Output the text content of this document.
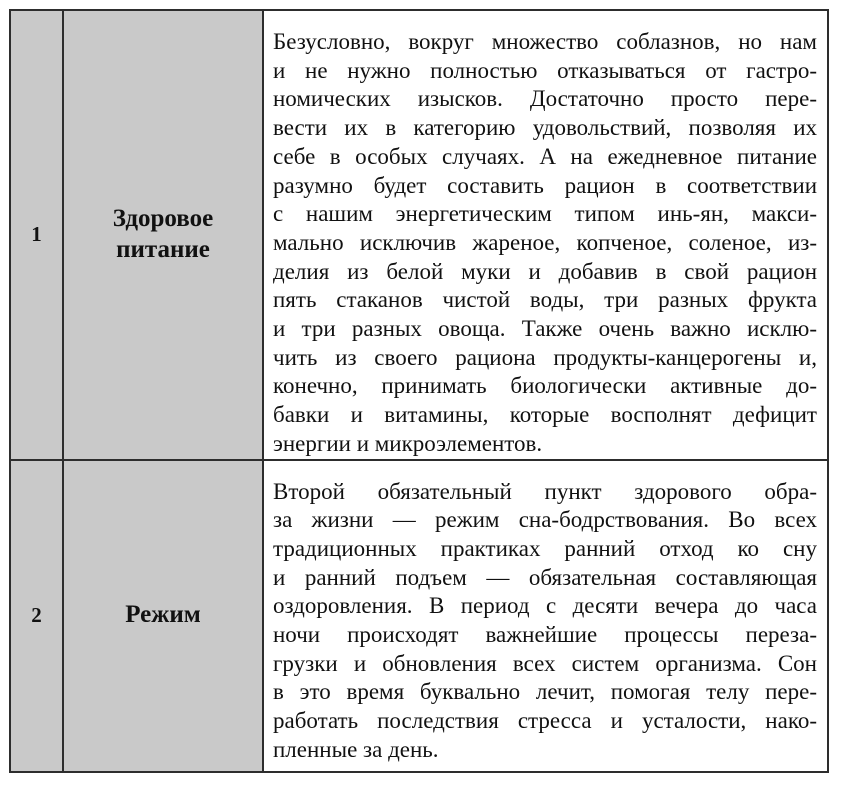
1	Здоровое питание	
Безусловно, вокруг множество соблазнов, но нам
и не нужно полностью отказываться от гастро-
номических изысков. Достаточно просто пере-
вести их в категорию удовольствий, позволяя их
себе в особых случаях. А на ежедневное питание
разумно будет составить рацион в соответствии
с нашим энергетическим типом инь-ян, макси-
мально исключив жареное, копченое, соленое, из-
делия из белой муки и добавив в свой рацион
пять стаканов чистой воды, три разных фрукта
и три разных овоща. Также очень важно исклю-
чить из своего рациона продукты-канцерогены и,
конечно, принимать биологически активные до-
бавки и витамины, которые восполнят дефицит
энергии и микроэлементов.

2	Режим	
Второй обязательный пункт здорового обра-
за жизни — режим сна-бодрствования. Во всех
традиционных практиках ранний отход ко сну
и ранний подъем — обязательная составляющая
оздоровления. В период с десяти вечера до часа
ночи происходят важнейшие процессы переза-
грузки и обновления всех систем организма. Сон
в это время буквально лечит, помогая телу пере-
работать последствия стресса и усталости, нако-
пленные за день.
